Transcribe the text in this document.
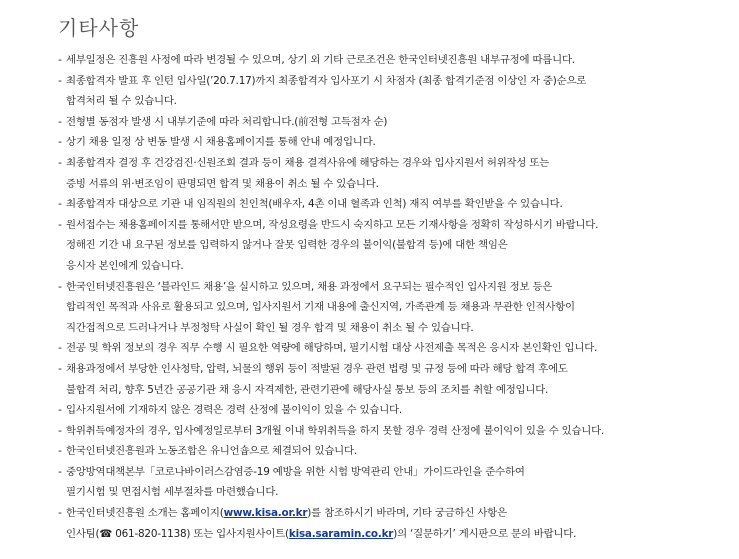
기타사항
- 세부일정은 진흥원 사정에 따라 변경될 수 있으며, 상기 외 기타 근로조건은 한국인터넷진흥원 내부규정에 따릅니다.
- 최종합격자 발표 후 인턴 입사일(’20.7.17)까지 최종합격자 입사포기 시 차점자 (최종 합격기준점 이상인 자 중)순으로
합격처리 될 수 있습니다.
- 전형별 동점자 발생 시 내부기준에 따라 처리합니다.(前전형 고득점자 순)
- 상기 채용 일정 상 변동 발생 시 채용홈페이지를 통해 안내 예정입니다.
- 최종합격자 결정 후 건강검진·신원조회 결과 등이 채용 결격사유에 해당하는 경우와 입사지원서 허위작성 또는
증빙 서류의 위·변조임이 판명되면 합격 및 채용이 취소 될 수 있습니다.
- 최종합격자 대상으로 기관 내 임직원의 친인척(배우자, 4촌 이내 혈족과 인척) 재직 여부를 확인받을 수 있습니다.
- 원서접수는 채용홈페이지를 통해서만 받으며, 작성요령을 반드시 숙지하고 모든 기재사항을 정확히 작성하시기 바랍니다.
정해진 기간 내 요구된 정보를 입력하지 않거나 잘못 입력한 경우의 불이익(불합격 등)에 대한 책임은
응시자 본인에게 있습니다.
- 한국인터넷진흥원은 ‘블라인드 채용’을 실시하고 있으며, 채용 과정에서 요구되는 필수적인 입사지원 정보 등은
합리적인 목적과 사유로 활용되고 있으며, 입사지원서 기재 내용에 출신지역, 가족관계 등 채용과 무관한 인적사항이
직간접적으로 드러나거나 부정청탁 사실이 확인 될 경우 합격 및 채용이 취소 될 수 있습니다.
- 전공 및 학위 정보의 경우 직무 수행 시 필요한 역량에 해당하며, 필기시험 대상 사전제출 목적은 응시자 본인확인 입니다.
- 채용과정에서 부당한 인사청탁, 압력, 뇌물의 행위 등이 적발된 경우 관련 법령 및 규정 등에 따라 해당 합격 후에도
불합격 처리, 향후 5년간 공공기관 채 응시 자격제한, 관련기관에 해당사실 통보 등의 조치를 취할 예정입니다.
- 입사지원서에 기재하지 않은 경력은 경력 산정에 불이익이 있을 수 있습니다.
- 학위취득예정자의 경우, 입사예정일로부터 3개월 이내 학위취득을 하지 못할 경우 경력 산정에 불이익이 있을 수 있습니다.
- 한국인터넷진흥원과 노동조합은 유니언숍으로 체결되어 있습니다.
- 중앙방역대책본부「코로나바이러스감염증-19 예방을 위한 시험 방역관리 안내」가이드라인을 준수하여
필기시험 및 면접시험 세부절차를 마련했습니다.
- 한국인터넷진흥원 소개는 홈페이지(www.kisa.or.kr)를 참조하시기 바라며, 기타 궁금하신 사항은
인사팀(☎ 061-820-1138) 또는 입사지원사이트(kisa.saramin.co.kr)의 ‘질문하기’ 게시판으로 문의 바랍니다.
